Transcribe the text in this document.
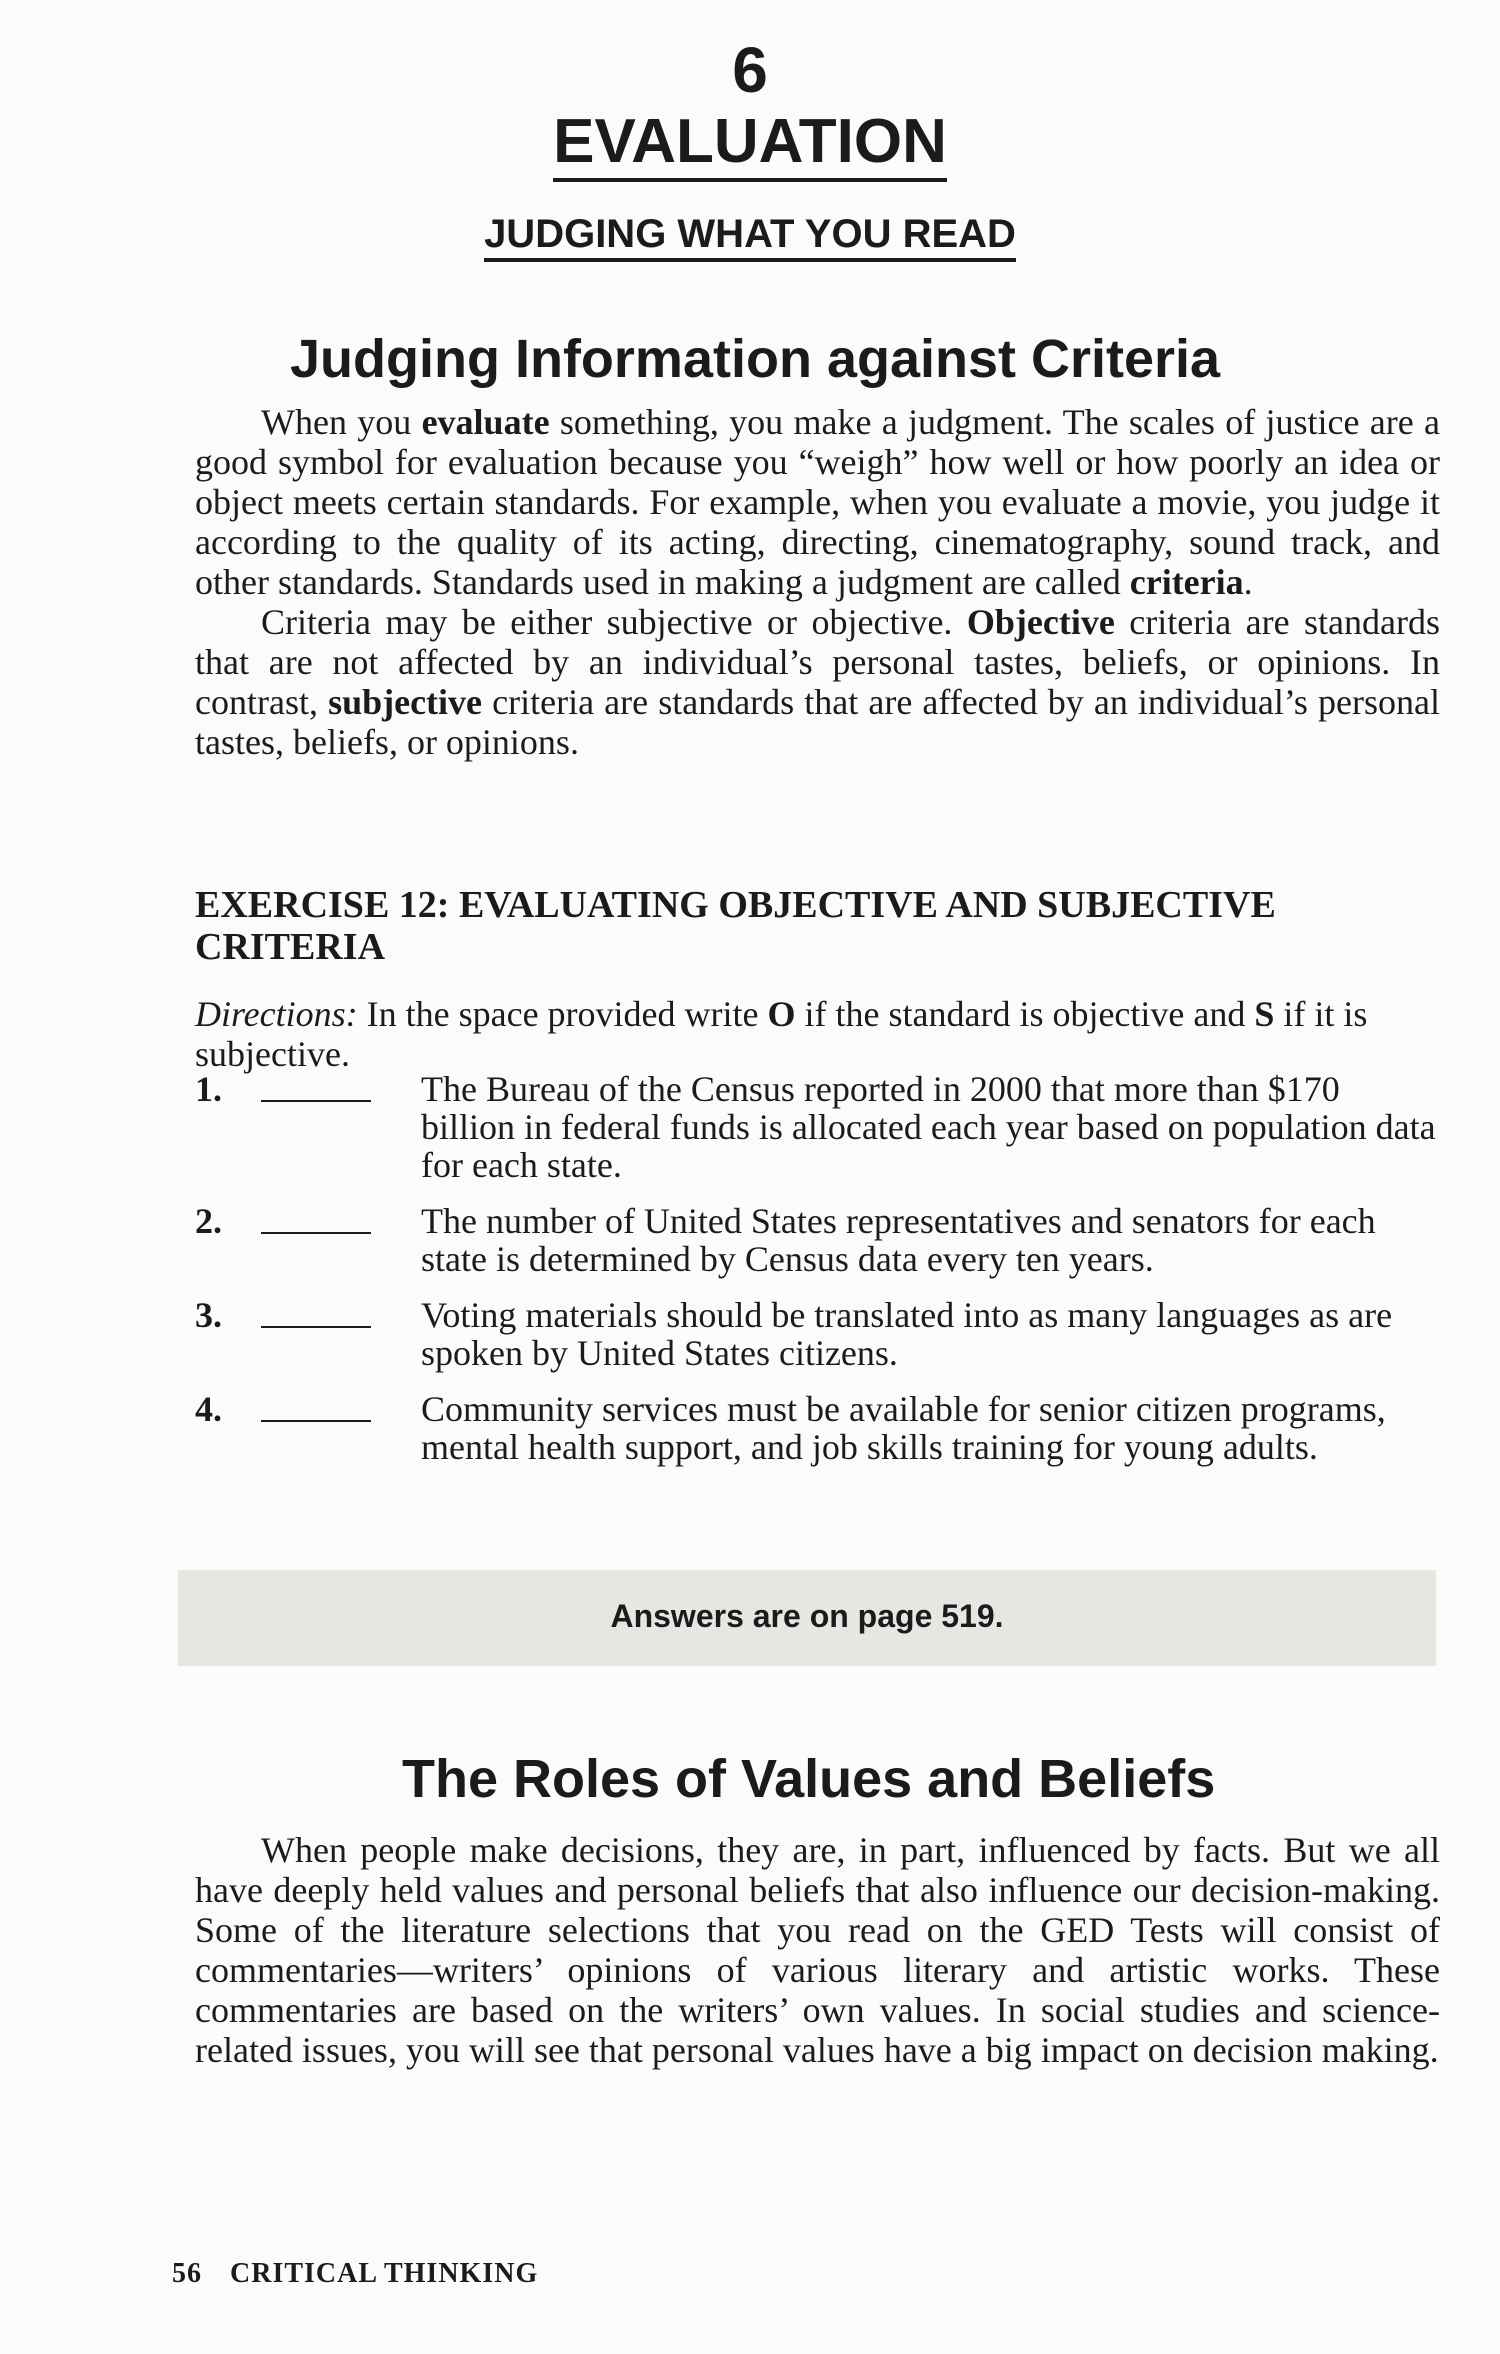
6
EVALUATION
JUDGING WHAT YOU READ
Judging Information against Criteria

When you evaluate something, you make a judgment. The scales of justice are a good symbol for evaluation because you “weigh” how well or how poorly an idea or object meets certain standards. For example, when you evaluate a movie, you judge it according to the quality of its acting, directing, cinematography, sound track, and other standards. Standards used in making a judgment are called criteria.

Criteria may be either subjective or objective. Objective criteria are standards that are not affected by an individual’s personal tastes, beliefs, or opinions. In contrast, subjective criteria are standards that are affected by an individual’s personal tastes, beliefs, or opinions.

EXERCISE 12: EVALUATING OBJECTIVE AND SUBJECTIVE CRITERIA
Directions: In the space provided write O if the standard is objective and S if it is subjective.
1.	The Bureau of the Census reported in 2000 that more than $170 billion in federal funds is allocated each year based on population data for each state.
2.	The number of United States representatives and senators for each state is determined by Census data every ten years.
3.	Voting materials should be translated into as many languages as are spoken by United States citizens.
4.	Community services must be available for senior citizen programs, mental health support, and job skills training for young adults.
Answers are on page 519.
The Roles of Values and Beliefs

When people make decisions, they are, in part, influenced by facts. But we all have deeply held values and personal beliefs that also influence our decision-making. Some of the literature selections that you read on the GED Tests will consist of commentaries—writers’ opinions of various literary and artistic works. These commentaries are based on the writers’ own values. In social studies and science-related issues, you will see that personal values have a big impact on decision making.

56 CRITICAL THINKING
